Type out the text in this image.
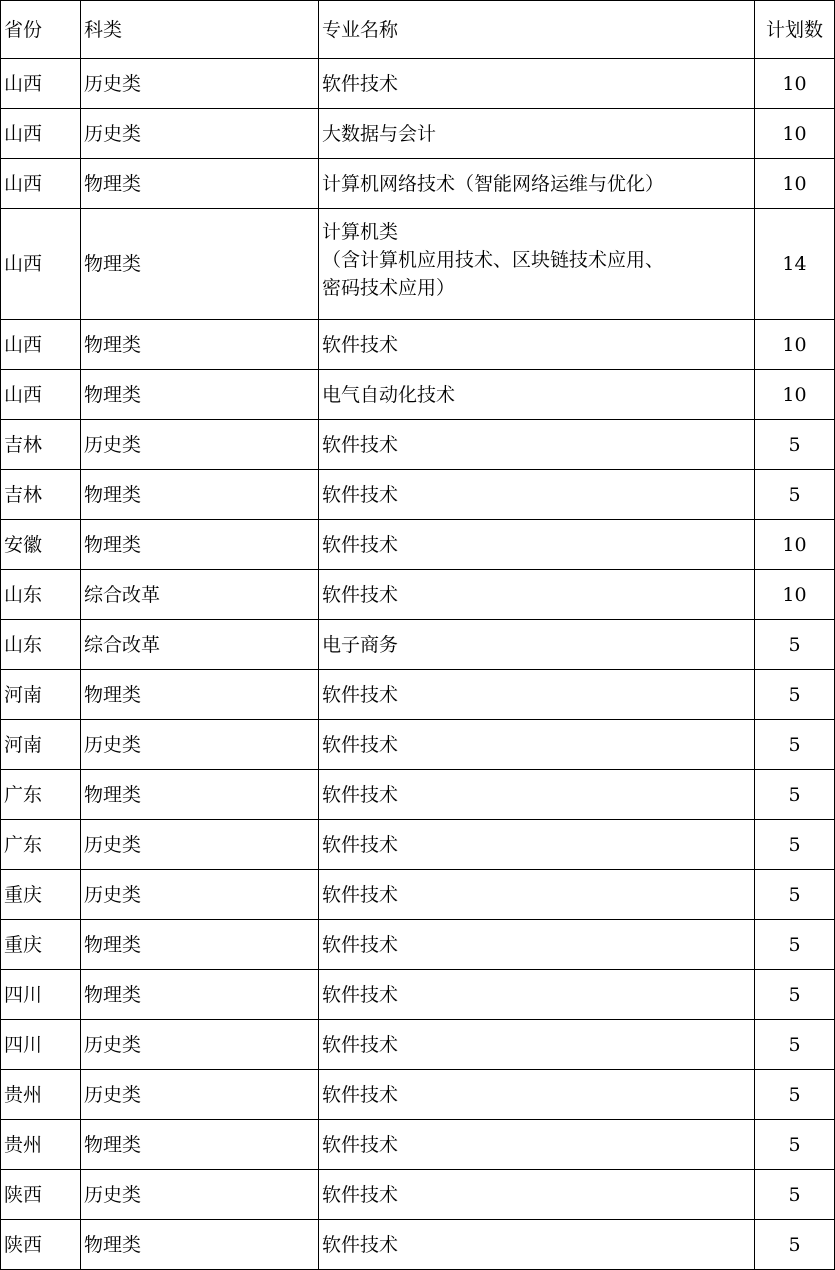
省份	科类	专业名称	计划数
山西	历史类	软件技术	10
山西	历史类	大数据与会计	10
山西	物理类	计算机网络技术（智能网络运维与优化）	10
山西	物理类	计算机类
（含计算机应用技术、区块链技术应用、
密码技术应用）	14
山西	物理类	软件技术	10
山西	物理类	电气自动化技术	10
吉林	历史类	软件技术	5
吉林	物理类	软件技术	5
安徽	物理类	软件技术	10
山东	综合改革	软件技术	10
山东	综合改革	电子商务	5
河南	物理类	软件技术	5
河南	历史类	软件技术	5
广东	物理类	软件技术	5
广东	历史类	软件技术	5
重庆	历史类	软件技术	5
重庆	物理类	软件技术	5
四川	物理类	软件技术	5
四川	历史类	软件技术	5
贵州	历史类	软件技术	5
贵州	物理类	软件技术	5
陕西	历史类	软件技术	5
陕西	物理类	软件技术	5
